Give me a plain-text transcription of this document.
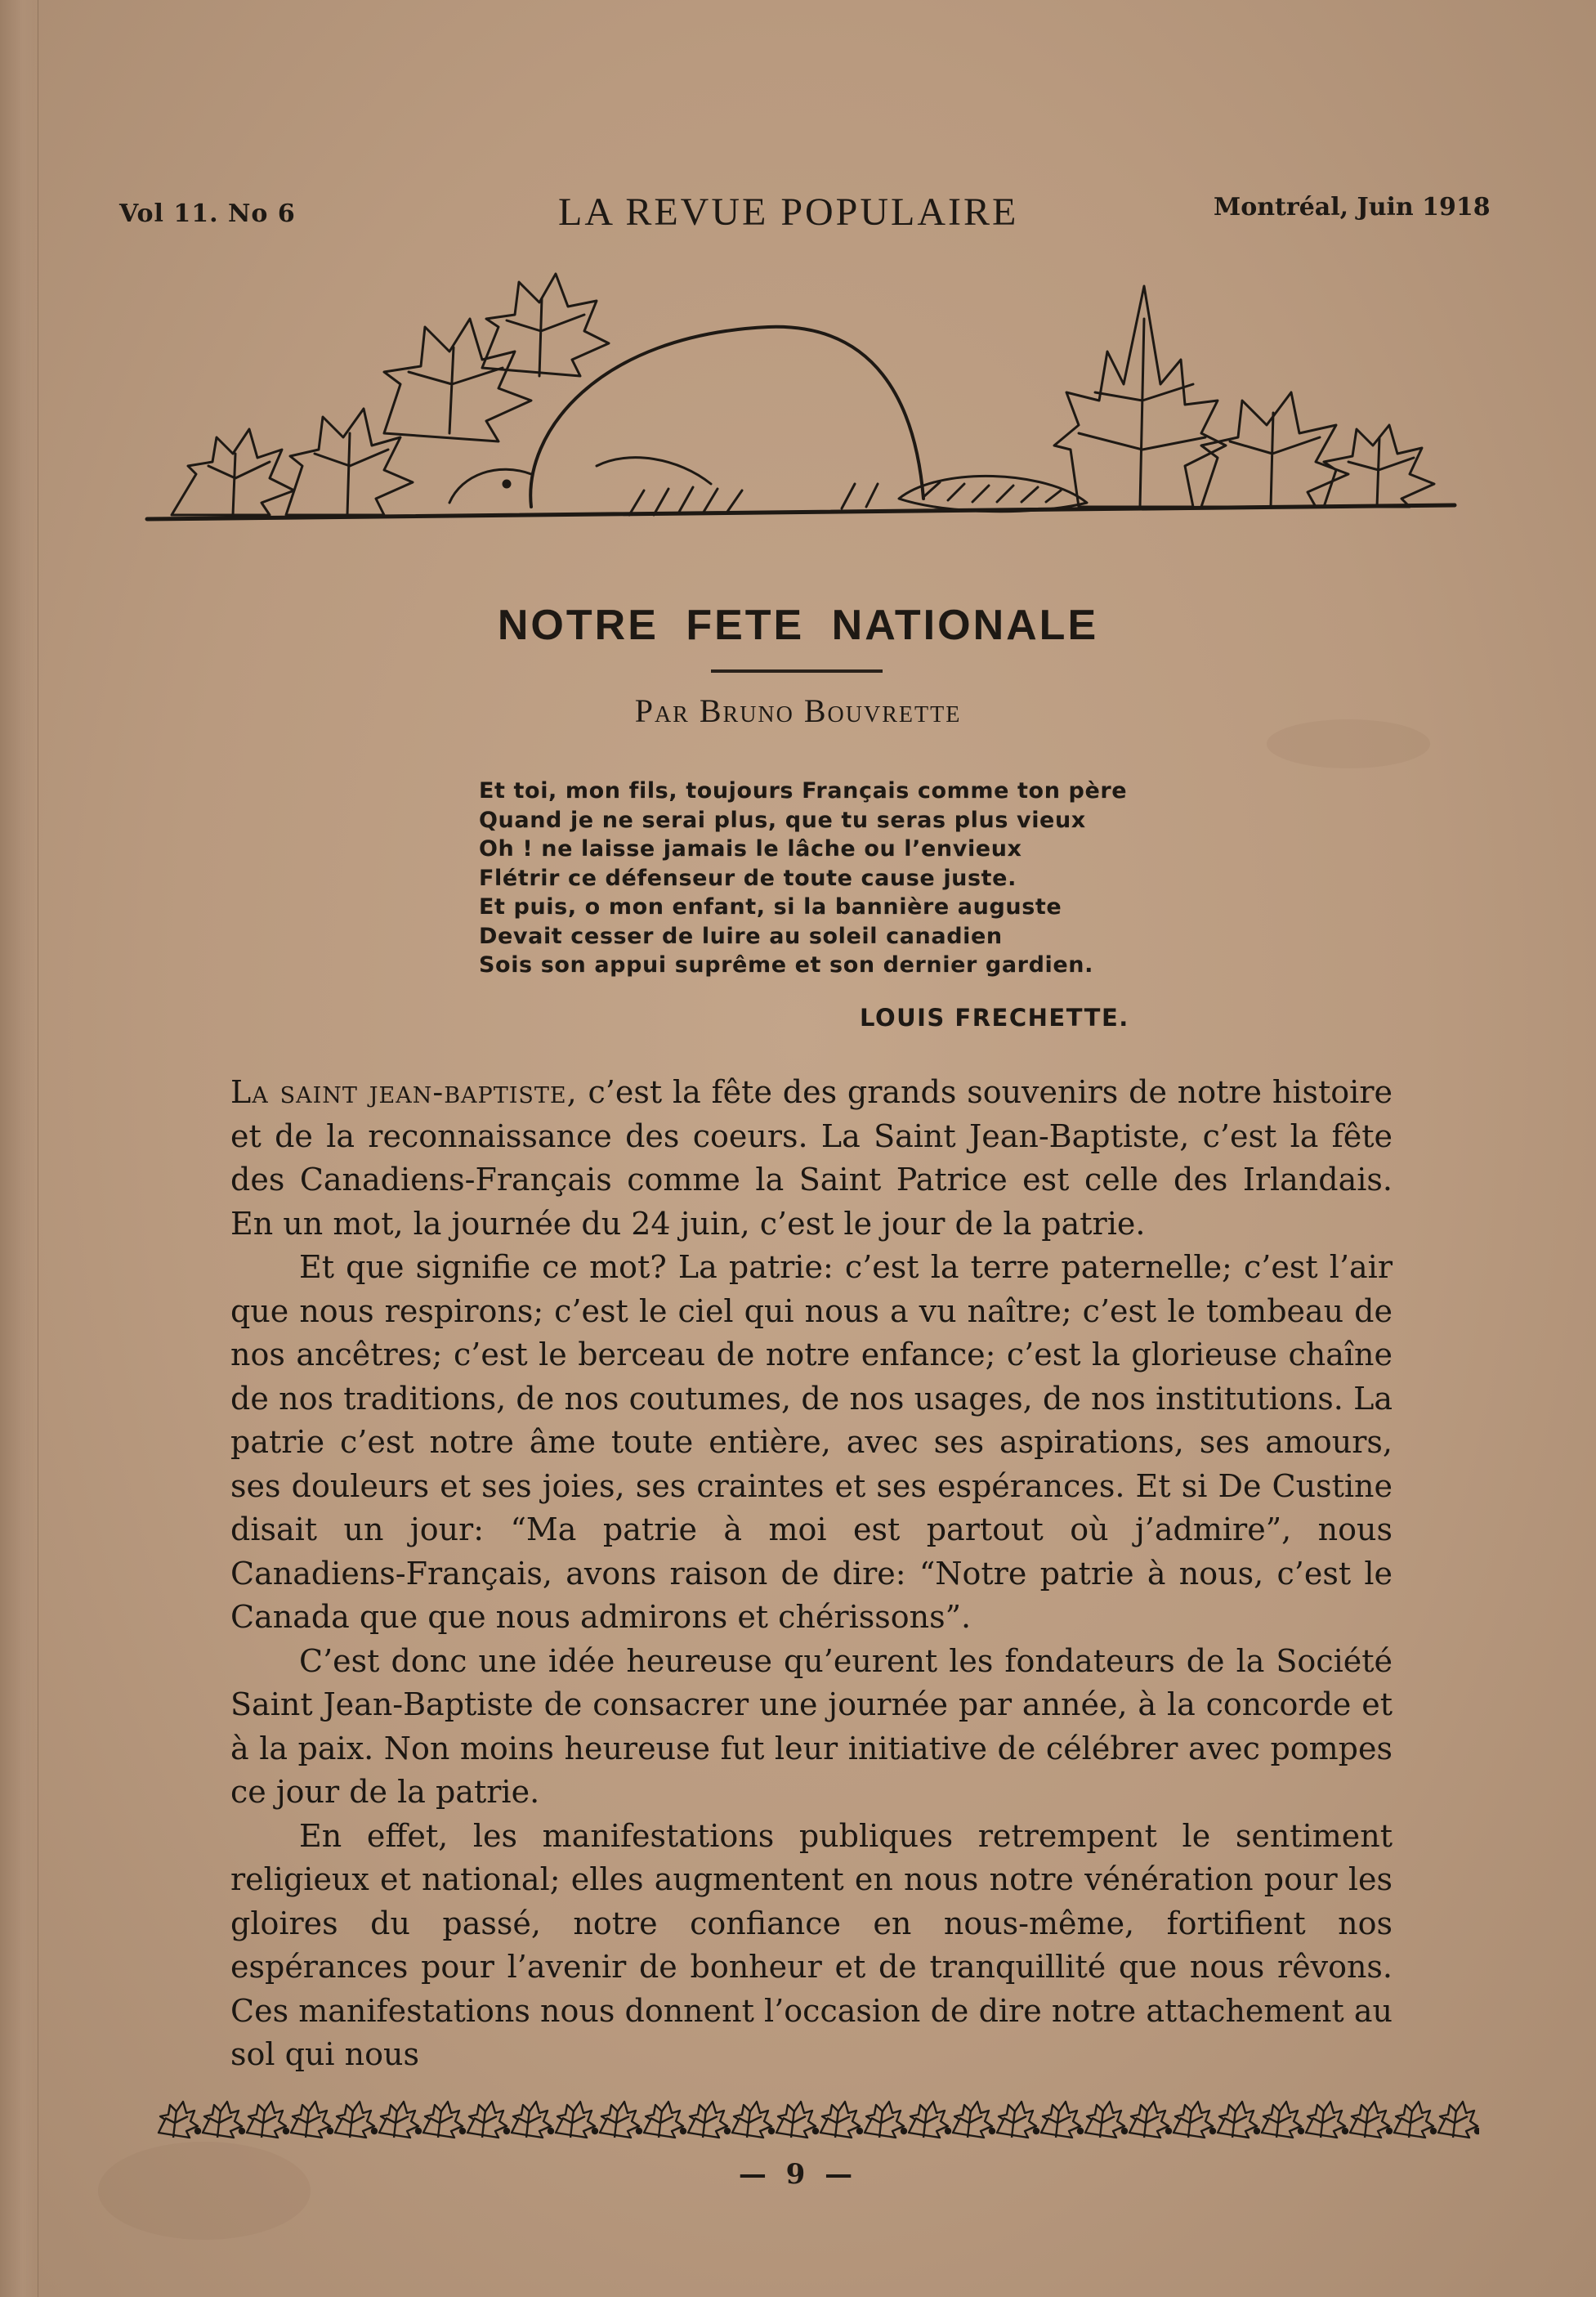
Vol 11. No 6	LA REVUE POPULAIRE	Montréal, Juin 1918
NOTRE FETE NATIONALE
Par Bruno Bouvrette
Et toi, mon fils, toujours Français comme ton père
Quand je ne serai plus, que tu seras plus vieux
Oh ! ne laisse jamais le lâche ou l’envieux
Flétrir ce défenseur de toute cause juste.
Et puis, o mon enfant, si la bannière auguste
Devait cesser de luire au soleil canadien
Sois son appui suprême et son dernier gardien.
LOUIS FRECHETTE.

La saint jean-baptiste, c’est la fête des grands souvenirs de notre histoire et de la reconnaissance des coeurs. La Saint Jean-Baptiste, c’est la fête des Canadiens-Français comme la Saint Patrice est celle des Irlandais. En un mot, la journée du 24 juin, c’est le jour de la patrie.

Et que signifie ce mot? La patrie: c’est la terre paternelle; c’est l’air que nous respirons; c’est le ciel qui nous a vu naître; c’est le tombeau de nos ancêtres; c’est le berceau de notre enfance; c’est la glorieuse chaîne de nos traditions, de nos coutumes, de nos usages, de nos institutions. La patrie c’est notre âme toute entière, avec ses aspirations, ses amours, ses douleurs et ses joies, ses craintes et ses espérances. Et si De Custine disait un jour: “Ma patrie à moi est partout où j’admire”, nous Canadiens-Français, avons raison de dire: “Notre patrie à nous, c’est le Canada que que nous admirons et chérissons”.

C’est donc une idée heureuse qu’eurent les fondateurs de la Société Saint Jean-Baptiste de consacrer une journée par année, à la concorde et à la paix. Non moins heureuse fut leur initiative de célébrer avec pompes ce jour de la patrie.

En effet, les manifestations publiques retrempent le sentiment religieux et national; elles augmentent en nous notre vénération pour les gloires du passé, notre confiance en nous-même, fortifient nos espérances pour l’avenir de bonheur et de tranquillité que nous rêvons. Ces manifestations nous donnent l’occasion de dire notre attachement au sol qui nous

— 9 —
